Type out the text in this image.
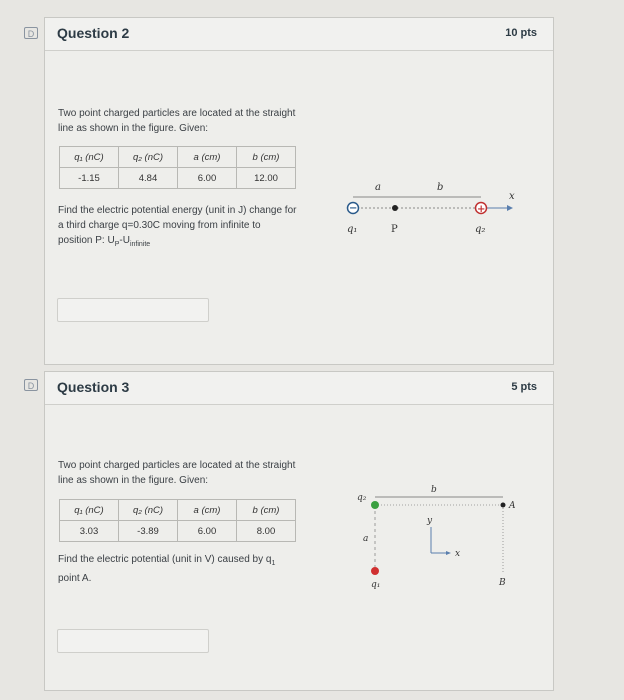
D Question 2	10 pts
Two point charged particles are located at the straight
line as shown in the figure. Given:
q₁ (nC)	q₂ (nC)	a (cm)	b (cm)
-1.15	4.84	6.00	12.00
Find the electric potential energy (unit in J) change for
a third charge q=0.30C moving from infinite to
position P: $U_P-U_{infinite}$
a	b
x
−	+
q₁	P	q₂
D Question 3	5 pts
Two point charged particles are located at the straight
line as shown in the figure. Given:
q₁ (nC)	q₂ (nC)	a (cm)	b (cm)
3.03	-3.89	6.00	8.00
Find the electric potential (unit in V) caused by $q_1$
point A.
q₂
q₁
a
b
y
x
A
B
